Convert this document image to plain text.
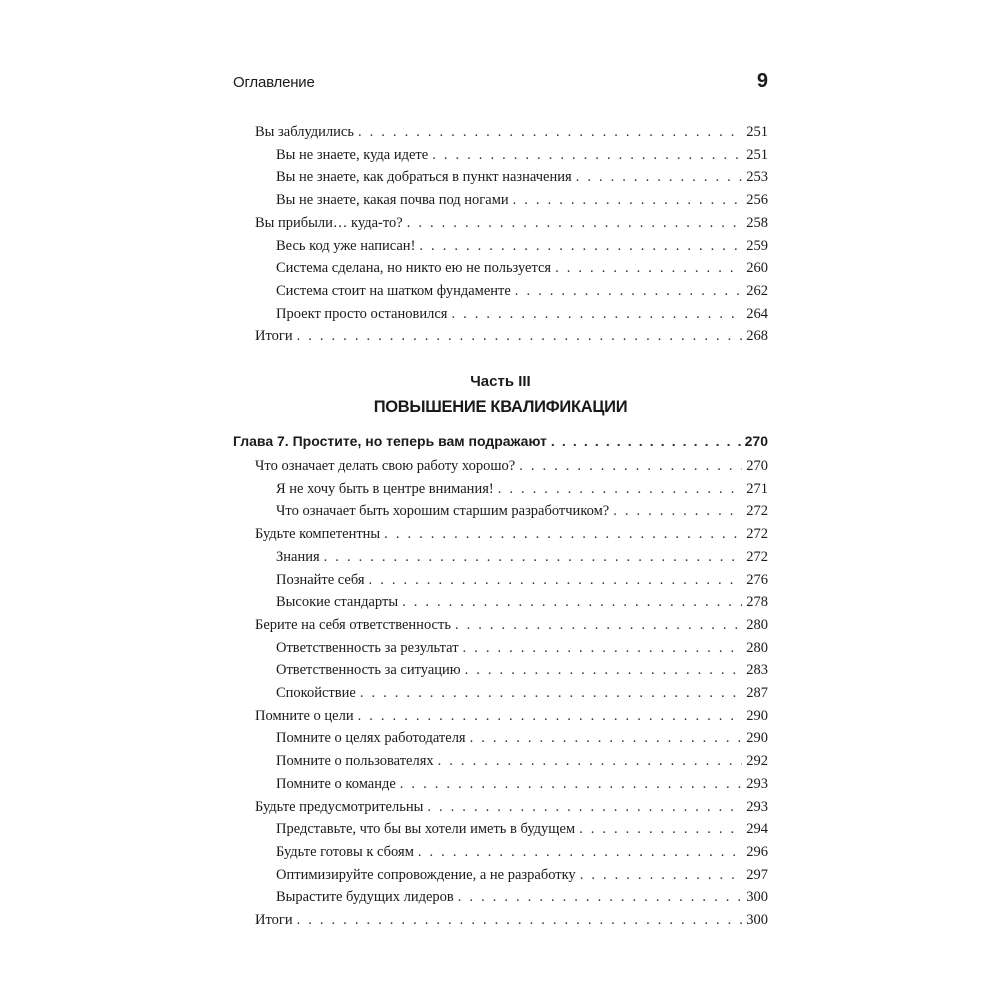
Оглавление	9
Вы заблудились . . .	251
Вы не знаете, куда идете . . .	251
Вы не знаете, как добраться в пункт назначения . . .	253
Вы не знаете, какая почва под ногами . . .	256
Вы прибыли… куда-то? . . .	258
Весь код уже написан! . . .	259
Система сделана, но никто ею не пользуется . . .	260
Система стоит на шатком фундаменте . . .	262
Проект просто остановился . . .	264
Итоги . . .	268
Глава 7. Простите, но теперь вам подражают . . .	270
Что означает делать свою работу хорошо? . . .	270
Я не хочу быть в центре внимания! . . .	271
Что означает быть хорошим старшим разработчиком? . . .	272
Будьте компетентны . . .	272
Знания . . .	272
Познайте себя . . .	276
Высокие стандарты . . .	278
Берите на себя ответственность . . .	280
Ответственность за результат . . .	280
Ответственность за ситуацию . . .	283
Спокойствие . . .	287
Помните о цели . . .	290
Помните о целях работодателя . . .	290
Помните о пользователях . . .	292
Помните о команде . . .	293
Будьте предусмотрительны . . .	293
Представьте, что бы вы хотели иметь в будущем . . .	294
Будьте готовы к сбоям . . .	296
Оптимизируйте сопровождение, а не разработку . . .	297
Вырастите будущих лидеров . . .	300
Итоги . . .	300
Часть III
ПОВЫШЕНИЕ КВАЛИФИКАЦИИ
